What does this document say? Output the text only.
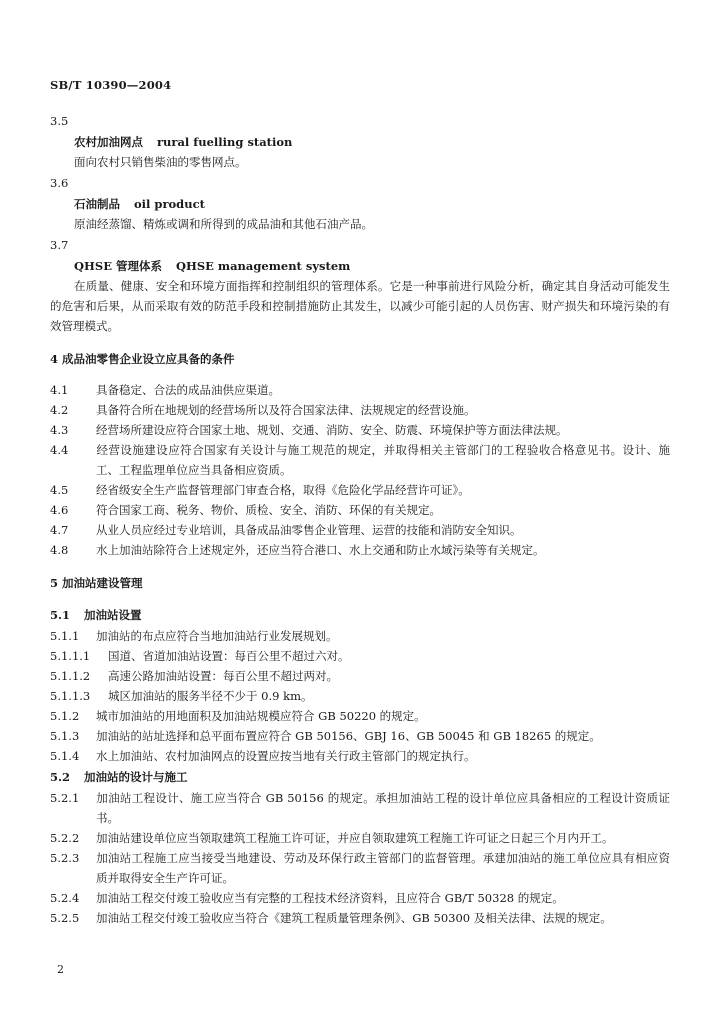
SB/T 10390—2004

3.5

农村加油网点 rural fuelling station

面向农村只销售柴油的零售网点。

3.6

石油制品 oil product

原油经蒸馏、精炼或调和所得到的成品油和其他石油产品。

3.7

QHSE 管理体系 QHSE management system

在质量、健康、安全和环境方面指挥和控制组织的管理体系。它是一种事前进行风险分析，确定其自身活动可能发生的危害和后果，从而采取有效的防范手段和控制措施防止其发生，以减少可能引起的人员伤害、财产损失和环境污染的有效管理模式。

4 成品油零售企业设立应具备的条件

4.1 具备稳定、合法的成品油供应渠道。

4.2 具备符合所在地规划的经营场所以及符合国家法律、法规规定的经营设施。

4.3 经营场所建设应符合国家土地、规划、交通、消防、安全、防震、环境保护等方面法律法规。

4.4 经营设施建设应符合国家有关设计与施工规范的规定，并取得相关主管部门的工程验收合格意见书。设计、施工、工程监理单位应当具备相应资质。

4.5 经省级安全生产监督管理部门审查合格，取得《危险化学品经营许可证》。

4.6 符合国家工商、税务、物价、质检、安全、消防、环保的有关规定。

4.7 从业人员应经过专业培训，具备成品油零售企业管理、运营的技能和消防安全知识。

4.8 水上加油站除符合上述规定外，还应当符合港口、水上交通和防止水域污染等有关规定。

5 加油站建设管理

5.1 加油站设置

5.1.1 加油站的布点应符合当地加油站行业发展规划。

5.1.1.1 国道、省道加油站设置：每百公里不超过六对。

5.1.1.2 高速公路加油站设置：每百公里不超过两对。

5.1.1.3 城区加油站的服务半径不少于 0.9 km。

5.1.2 城市加油站的用地面积及加油站规模应符合 GB 50220 的规定。

5.1.3 加油站的站址选择和总平面布置应符合 GB 50156、GBJ 16、GB 50045 和 GB 18265 的规定。

5.1.4 水上加油站、农村加油网点的设置应按当地有关行政主管部门的规定执行。

5.2 加油站的设计与施工

5.2.1 加油站工程设计、施工应当符合 GB 50156 的规定。承担加油站工程的设计单位应具备相应的工程设计资质证书。

5.2.2 加油站建设单位应当领取建筑工程施工许可证，并应自领取建筑工程施工许可证之日起三个月内开工。

5.2.3 加油站工程施工应当接受当地建设、劳动及环保行政主管部门的监督管理。承建加油站的施工单位应具有相应资质并取得安全生产许可证。

5.2.4 加油站工程交付竣工验收应当有完整的工程技术经济资料，且应符合 GB/T 50328 的规定。

5.2.5 加油站工程交付竣工验收应当符合《建筑工程质量管理条例》、GB 50300 及相关法律、法规的规定。

2
